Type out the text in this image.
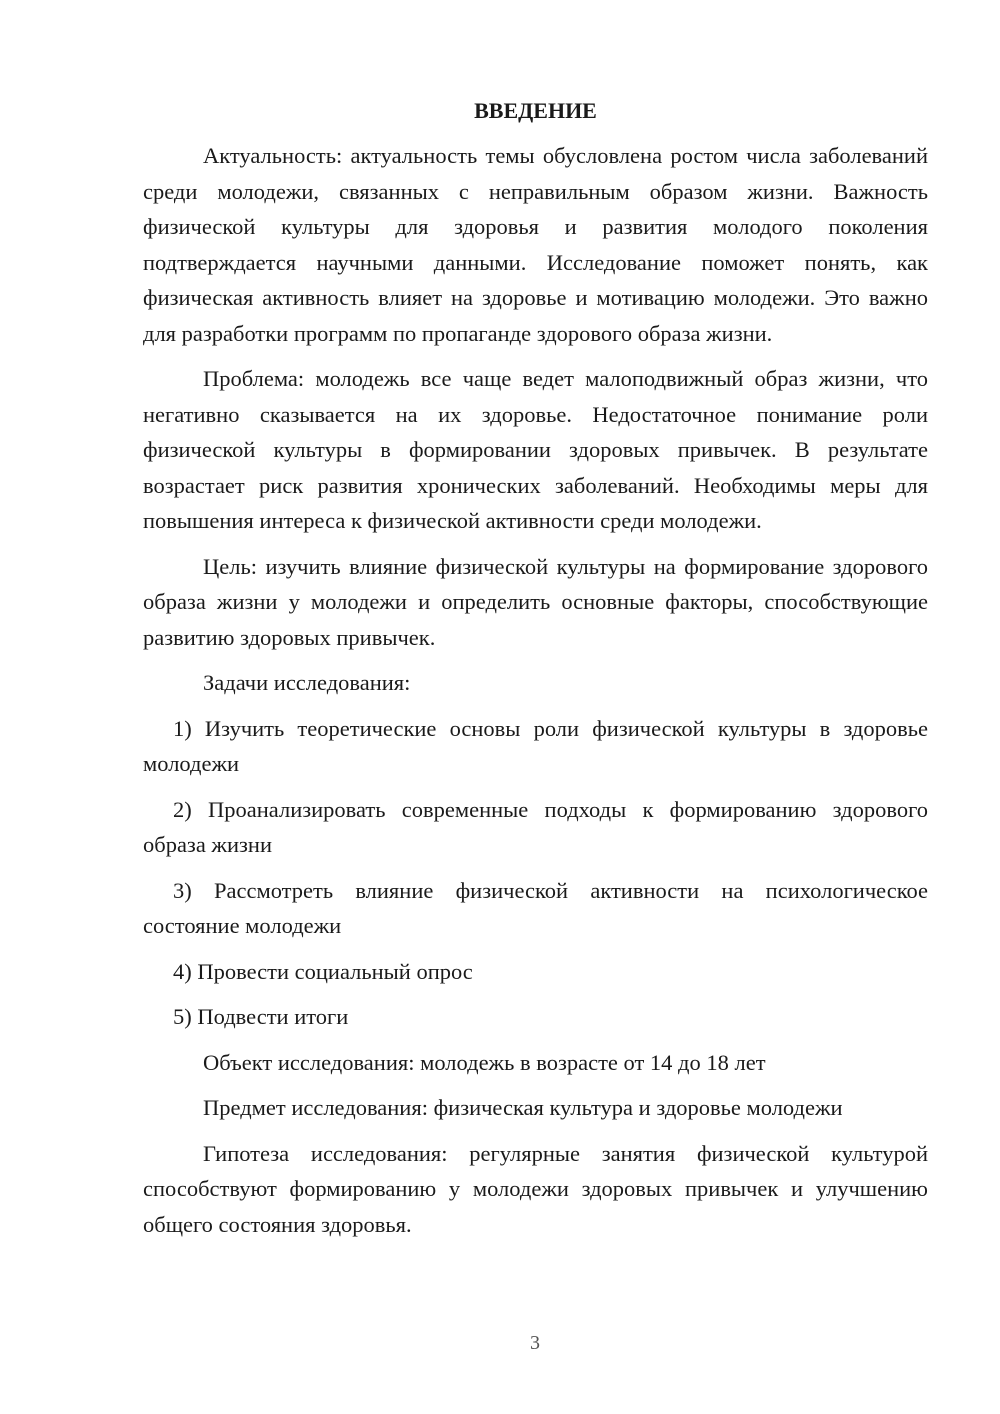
ВВЕДЕНИЕ

Актуальность: актуальность темы обусловлена ростом числа заболеваний среди молодежи, связанных с неправильным образом жизни. Важность физической культуры для здоровья и развития молодого поколения подтверждается научными данными. Исследование поможет понять, как физическая активность влияет на здоровье и мотивацию молодежи. Это важно для разработки программ по пропаганде здорового образа жизни.

Проблема: молодежь все чаще ведет малоподвижный образ жизни, что негативно сказывается на их здоровье. Недостаточное понимание роли физической культуры в формировании здоровых привычек. В результате возрастает риск развития хронических заболеваний. Необходимы меры для повышения интереса к физической активности среди молодежи.

Цель: изучить влияние физической культуры на формирование здорового образа жизни у молодежи и определить основные факторы, способствующие развитию здоровых привычек.

Задачи исследования:

1) Изучить теоретические основы роли физической культуры в здоровье молодежи

2) Проанализировать современные подходы к формированию здорового образа жизни

3) Рассмотреть влияние физической активности на психологическое состояние молодежи

4) Провести социальный опрос

5) Подвести итоги

Объект исследования: молодежь в возрасте от 14 до 18 лет

Предмет исследования: физическая культура и здоровье молодежи

Гипотеза исследования: регулярные занятия физической культурой способствуют формированию у молодежи здоровых привычек и улучшению общего состояния здоровья.

3
